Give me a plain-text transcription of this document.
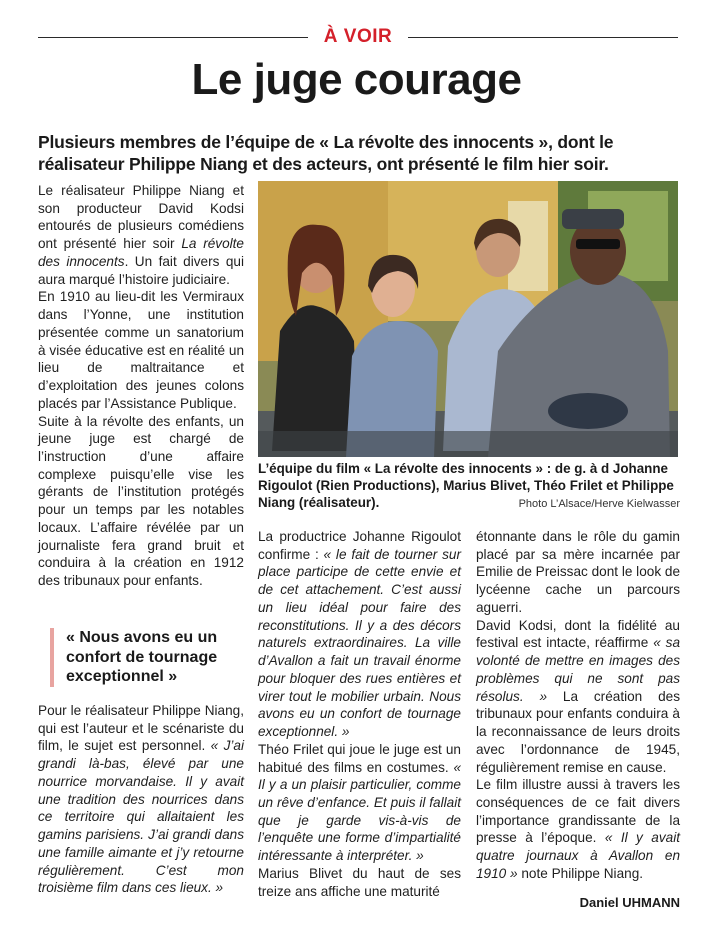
À VOIR
Le juge courage
Plusieurs membres de l’équipe de « La révolte des innocents », dont le réalisateur Philippe Niang et des acteurs, ont présenté le film hier soir.

Le réalisateur Philippe Niang et son producteur David Kodsi entourés de plusieurs comédiens ont présenté hier soir La révolte des innocents. Un fait divers qui aura marqué l’histoire judiciaire.

En 1910 au lieu-dit les Vermiraux dans l’Yonne, une institution présentée comme un sanatorium à visée éducative est en réalité un lieu de maltraitance et d’exploitation des jeunes colons placés par l’Assistance Publique.

Suite à la révolte des enfants, un jeune juge est chargé de l’instruction d’une affaire complexe puisqu’elle vise les gérants de l’institution protégés pour un temps par les notables locaux. L’affaire révélée par un journaliste fera grand bruit et conduira à la création en 1912 des tribunaux pour enfants.

« Nous avons eu un confort de tournage exceptionnel »

Pour le réalisateur Philippe Niang, qui est l’auteur et le scénariste du film, le sujet est personnel. « J’ai grandi là-bas, élevé par une nourrice morvandaise. Il y avait une tradition des nourrices dans ce territoire qui allaitaient les gamins parisiens. J’ai grandi dans une famille aimante et j’y retourne régulièrement. C’est mon troisième film dans ces lieux. »

L’équipe du film « La révolte des innocents » : de g. à d Johanne Rigoulot (Rien Productions), Marius Blivet, Théo Frilet et Philippe Niang (réalisateur).	Photo L’Alsace/Herve Kielwasser

La productrice Johanne Rigoulot confirme : « le fait de tourner sur place participe de cette envie et de cet attachement. C’est aussi un lieu idéal pour faire des reconstitutions. Il y a des décors naturels extraordinaires. La ville d’Avallon a fait un travail énorme pour bloquer des rues entières et virer tout le mobilier urbain. Nous avons eu un confort de tournage exceptionnel. »

Théo Frilet qui joue le juge est un habitué des films en costumes. « Il y a un plaisir particulier, comme un rêve d’enfance. Et puis il fallait que je garde vis-à-vis de l’enquête une forme d’impartialité intéressante à interpréter. »

Marius Blivet du haut de ses treize ans affiche une maturité

étonnante dans le rôle du gamin placé par sa mère incarnée par Emilie de Preissac dont le look de lycéenne cache un parcours aguerri.

David Kodsi, dont la fidélité au festival est intacte, réaffirme « sa volonté de mettre en images des problèmes qui ne sont pas résolus. » La création des tribunaux pour enfants conduira à la reconnaissance de leurs droits avec l’ordonnance de 1945, régulièrement remise en cause.

Le film illustre aussi à travers les conséquences de ce fait divers l’importance grandissante de la presse à l’époque. « Il y avait quatre journaux à Avallon en 1910 » note Philippe Niang.

Daniel UHMANN
